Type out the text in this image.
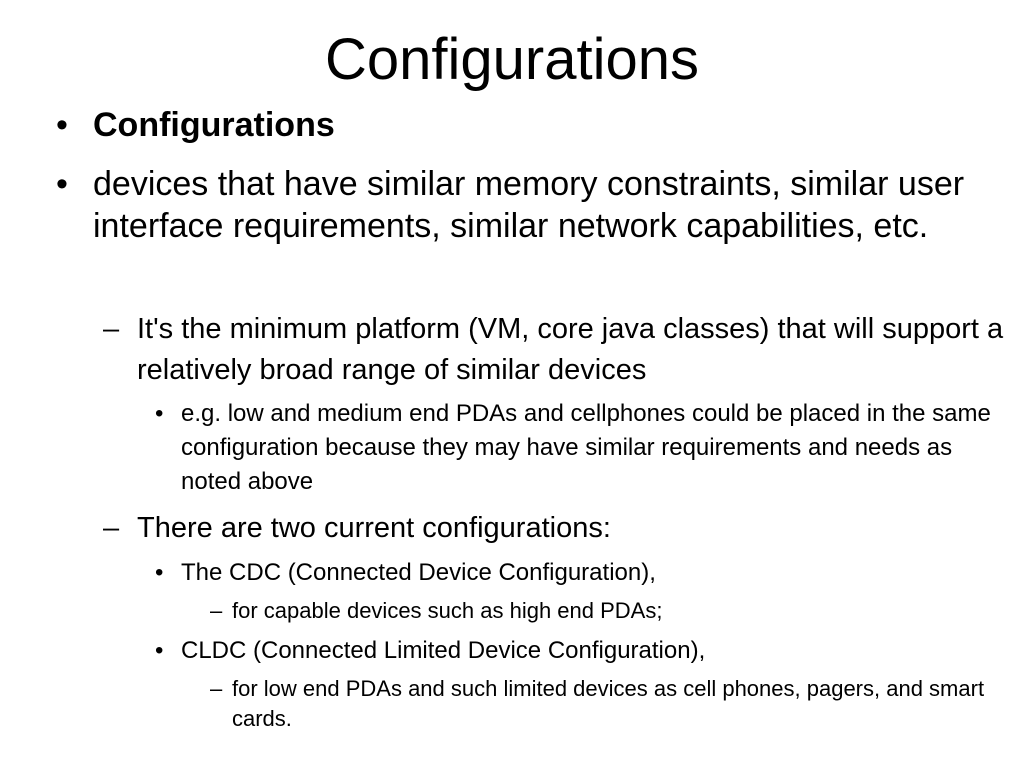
Configurations
• Configurations
• devices that have similar memory constraints, similar user interface requirements, similar network capabilities, etc.
– It's the minimum platform (VM, core java classes) that will support a relatively broad range of similar devices
• e.g. low and medium end PDAs and cellphones could be placed in the same configuration because they may have similar requirements and needs as noted above
– There are two current configurations:
• The CDC (Connected Device Configuration),
– for capable devices such as high end PDAs;
• CLDC (Connected Limited Device Configuration),
– for low end PDAs and such limited devices as cell phones, pagers, and smart cards.
